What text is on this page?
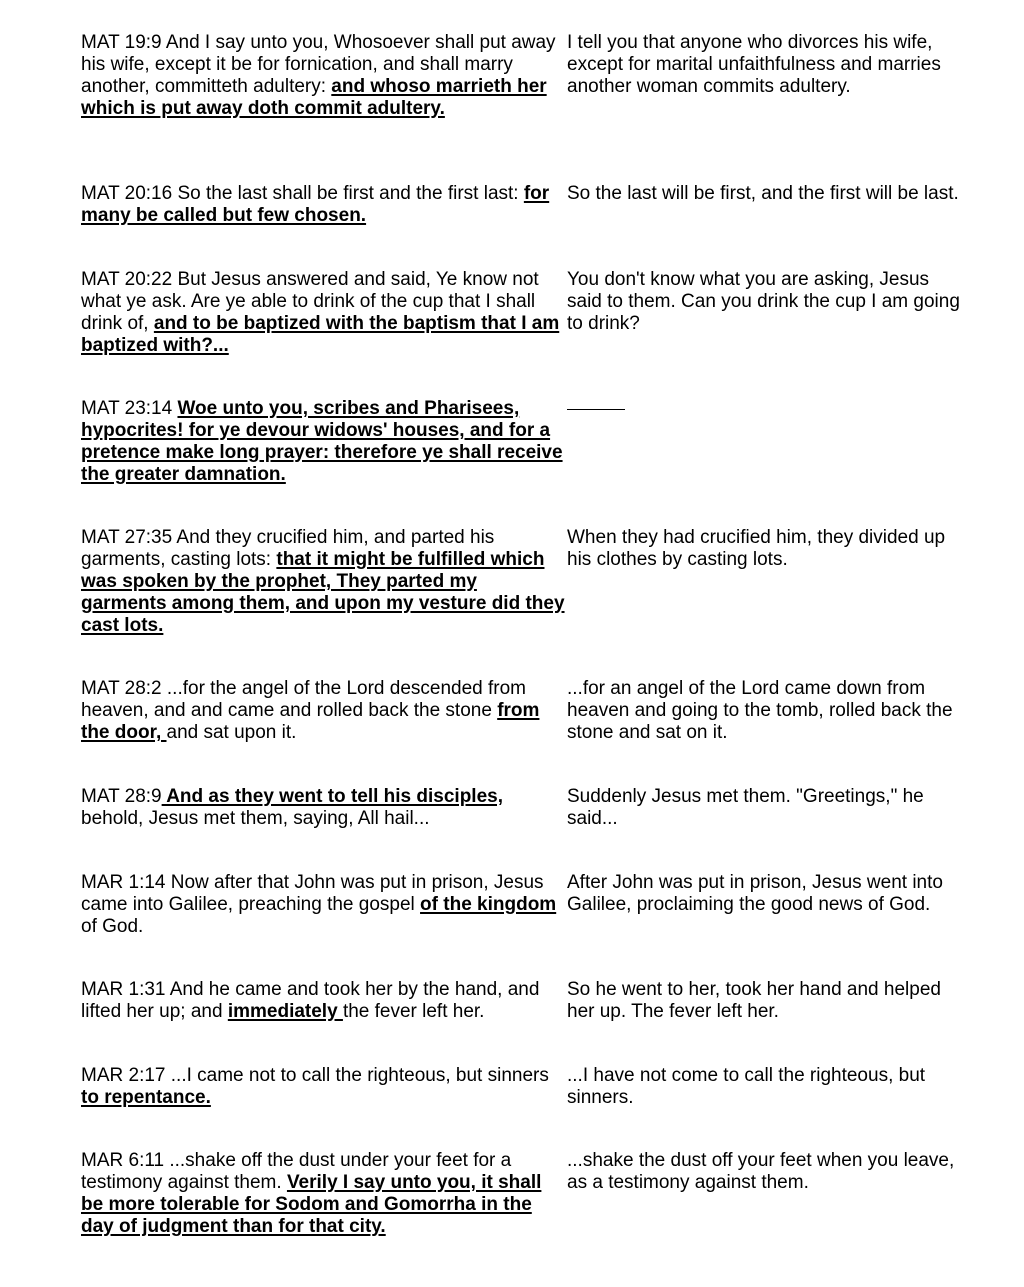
MAT 19:9 And I say unto you, Whosoever shall put away his wife, except it be for fornication, and shall marry another, committeth adultery: and whoso marrieth her which is put away doth commit adultery.
I tell you that anyone who divorces his wife, except for marital unfaithfulness and marries another woman commits adultery.
MAT 20:16 So the last shall be first and the first last: for many be called but few chosen.
So the last will be first, and the first will be last.
MAT 20:22 But Jesus answered and said, Ye know not what ye ask. Are ye able to drink of the cup that I shall drink of, and to be baptized with the baptism that I am baptized with?...
You don't know what you are asking, Jesus said to them. Can you drink the cup I am going to drink?
MAT 23:14 Woe unto you, scribes and Pharisees, hypocrites! for ye devour widows' houses, and for a pretence make long prayer: therefore ye shall receive the greater damnation.
MAT 27:35 And they crucified him, and parted his garments, casting lots: that it might be fulfilled which was spoken by the prophet, They parted my garments among them, and upon my vesture did they cast lots.
When they had crucified him, they divided up his clothes by casting lots.
MAT 28:2 ...for the angel of the Lord descended from heaven, and and came and rolled back the stone from the door, and sat upon it.
...for an angel of the Lord came down from heaven and going to the tomb, rolled back the stone and sat on it.
MAT 28:9 And as they went to tell his disciples, behold, Jesus met them, saying, All hail...
Suddenly Jesus met them. "Greetings," he said...
MAR 1:14 Now after that John was put in prison, Jesus came into Galilee, preaching the gospel of the kingdom of God.
After John was put in prison, Jesus went into Galilee, proclaiming the good news of God.
MAR 1:31 And he came and took her by the hand, and lifted her up; and immediately the fever left her.
So he went to her, took her hand and helped her up. The fever left her.
MAR 2:17 ...I came not to call the righteous, but sinners to repentance.
...I have not come to call the righteous, but sinners.
MAR 6:11 ...shake off the dust under your feet for a testimony against them. Verily I say unto you, it shall be more tolerable for Sodom and Gomorrha in the day of judgment than for that city.
...shake the dust off your feet when you leave, as a testimony against them.
